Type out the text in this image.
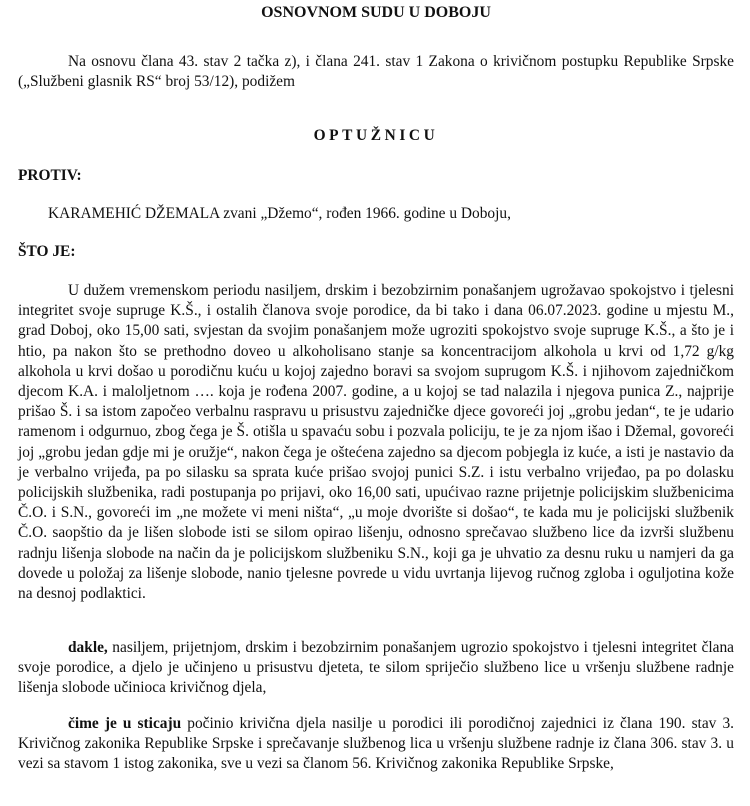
OSNOVNOM SUDU U DOBOJU

Na osnovu člana 43. stav 2 tačka z), i člana 241. stav 1 Zakona o krivičnom postupku Republike Srpske („Službeni glasnik RS“ broj 53/12), podižem

OPTUŽNICU

PROTIV:

KARAMEHIĆ DŽEMALA zvani „Džemo“, rođen 1966. godine u Doboju,

ŠTO JE:

U dužem vremenskom periodu nasiljem, drskim i bezobzirnim ponašanjem ugrožavao spokojstvo i tjelesni integritet svoje supruge K.Š., i ostalih članova svoje porodice, da bi tako i dana 06.07.2023. godine u mjestu M., grad Doboj, oko 15,00 sati, svjestan da svojim ponašanjem može ugroziti spokojstvo svoje supruge K.Š., a što je i htio, pa nakon što se prethodno doveo u alkoholisano stanje sa koncentracijom alkohola u krvi od 1,72 g/kg alkohola u krvi došao u porodičnu kuću u kojoj zajedno boravi sa svojom suprugom K.Š. i njihovom zajedničkom djecom K.A. i maloljetnom …. koja je rođena 2007. godine, a u kojoj se tad nalazila i njegova punica Z., najprije prišao Š. i sa istom započeo verbalnu raspravu u prisustvu zajedničke djece govoreći joj „grobu jedan“, te je udario ramenom i odgurnuo, zbog čega je Š. otišla u spavaću sobu i pozvala policiju, te je za njom išao i Džemal, govoreći joj „grobu jedan gdje mi je oružje“, nakon čega je oštećena zajedno sa djecom pobjegla iz kuće, a isti je nastavio da je verbalno vrijeđa, pa po silasku sa sprata kuće prišao svojoj punici S.Z. i istu verbalno vrijeđao, pa po dolasku policijskih službenika, radi postupanja po prijavi, oko 16,00 sati, upućivao razne prijetnje policijskim službenicima Č.O. i S.N., govoreći im „ne možete vi meni ništa“, „u moje dvorište si došao“, te kada mu je policijski službenik Č.O. saopštio da je lišen slobode isti se silom opirao lišenju, odnosno sprečavao službeno lice da izvrši službenu radnju lišenja slobode na način da je policijskom službeniku S.N., koji ga je uhvatio za desnu ruku u namjeri da ga dovede u položaj za lišenje slobode, nanio tjelesne povrede u vidu uvrtanja lijevog ručnog zgloba i oguljotina kože na desnoj podlaktici.

dakle, nasiljem, prijetnjom, drskim i bezobzirnim ponašanjem ugrozio spokojstvo i tjelesni integritet člana svoje porodice, a djelo je učinjeno u prisustvu djeteta, te silom spriječio službeno lice u vršenju službene radnje lišenja slobode učinioca krivičnog djela,

čime je u sticaju počinio krivična djela nasilje u porodici ili porodičnoj zajednici iz člana 190. stav 3. Krivičnog zakonika Republike Srpske i sprečavanje službenog lica u vršenju službene radnje iz člana 306. stav 3. u vezi sa stavom 1 istog zakonika, sve u vezi sa članom 56. Krivičnog zakonika Republike Srpske,
